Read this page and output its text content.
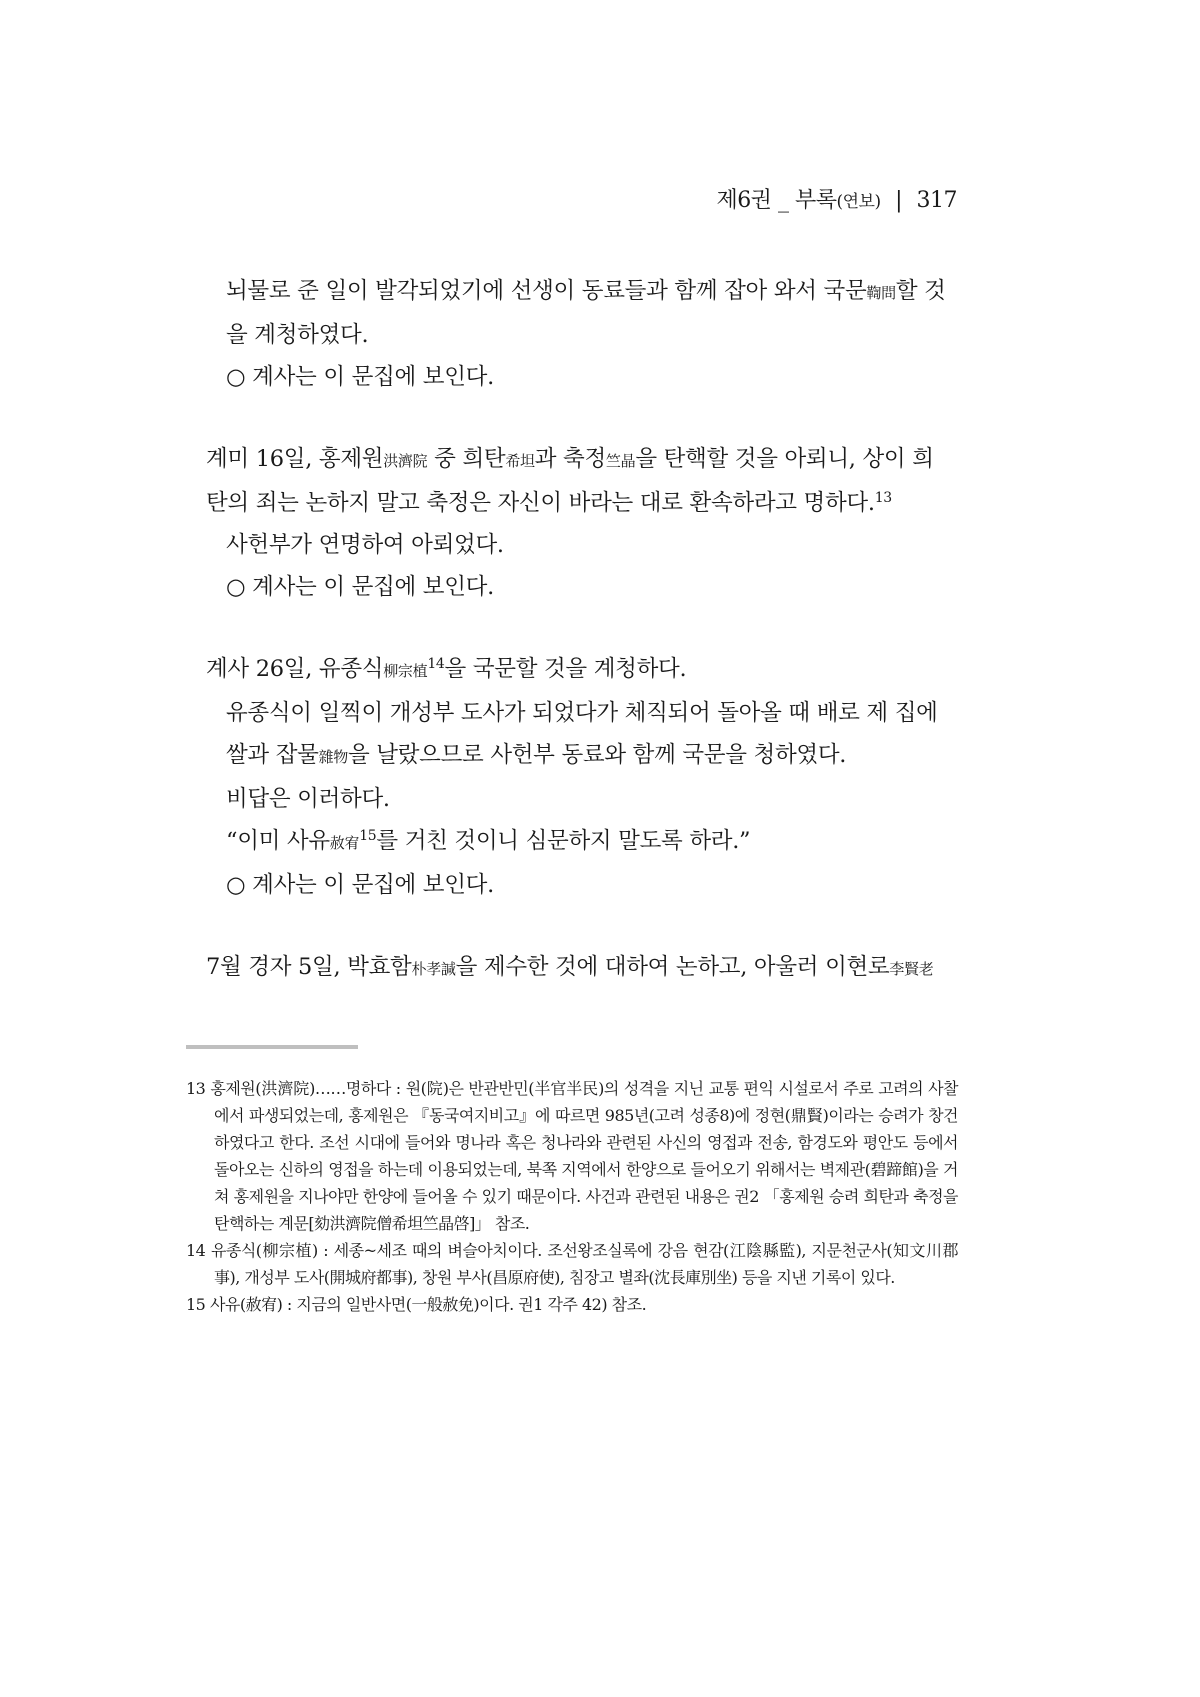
제6권 _ 부록(연보) | 317
뇌물로 준 일이 발각되었기에 선생이 동료들과 함께 잡아 와서 국문鞫問할 것
을 계청하였다.
○ 계사는 이 문집에 보인다.
계미 16일, 홍제원洪濟院 중 희탄希坦과 축정竺晶을 탄핵할 것을 아뢰니, 상이 희
탄의 죄는 논하지 말고 축정은 자신이 바라는 대로 환속하라고 명하다.$^{13}$
사헌부가 연명하여 아뢰었다.
○ 계사는 이 문집에 보인다.
계사 26일, 유종식柳宗植$^{14}$을 국문할 것을 계청하다.
유종식이 일찍이 개성부 도사가 되었다가 체직되어 돌아올 때 배로 제 집에
쌀과 잡물雜物을 날랐으므로 사헌부 동료와 함께 국문을 청하였다.
비답은 이러하다.
“이미 사유赦宥$^{15}$를 거친 것이니 심문하지 말도록 하라.”
○ 계사는 이 문집에 보인다.
7월 경자 5일, 박효함朴孝諴을 제수한 것에 대하여 논하고, 아울러 이현로李賢老
13 홍제원(洪濟院)……명하다 : 원(院)은 반관반민(半官半民)의 성격을 지닌 교통 편익 시설로서 주로 고려의 사찰에서 파생되었는데, 홍제원은 『동국여지비고』에 따르면 985년(고려 성종8)에 정현(鼎賢)이라는 승려가 창건하였다고 한다. 조선 시대에 들어와 명나라 혹은 청나라와 관련된 사신의 영접과 전송, 함경도와 평안도 등에서 돌아오는 신하의 영접을 하는데 이용되었는데, 북쪽 지역에서 한양으로 들어오기 위해서는 벽제관(碧蹄館)을 거쳐 홍제원을 지나야만 한양에 들어올 수 있기 때문이다. 사건과 관련된 내용은 권2 「홍제원 승려 희탄과 축정을 탄핵하는 계문[劾洪濟院僧希坦竺晶啓]」 참조.
14 유종식(柳宗植) : 세종~세조 때의 벼슬아치이다. 조선왕조실록에 강음 현감(江陰縣監), 지문천군사(知文川郡事), 개성부 도사(開城府都事), 창원 부사(昌原府使), 침장고 별좌(沈長庫別坐) 등을 지낸 기록이 있다.
15 사유(赦宥) : 지금의 일반사면(一般赦免)이다. 권1 각주 42) 참조.
